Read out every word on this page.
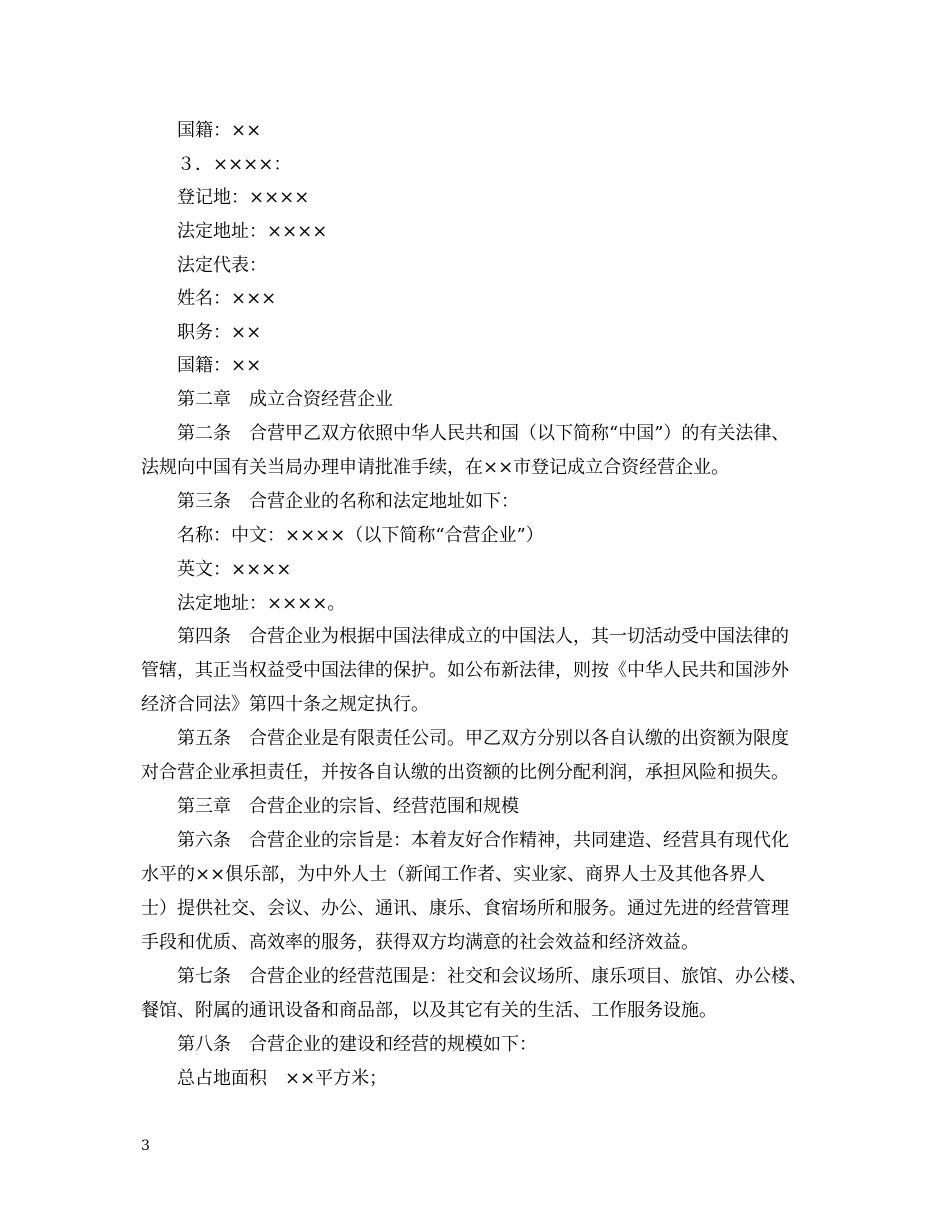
国籍：××
３．××××：
登记地：××××
法定地址：××××
法定代表：
姓名：×××
职务：××
国籍：××
第二章　成立合资经营企业
第二条　合营甲乙双方依照中华人民共和国（以下简称“中国”）的有关法律、
法规向中国有关当局办理申请批准手续，在××市登记成立合资经营企业。
第三条　合营企业的名称和法定地址如下：
名称：中文：××××（以下简称“合营企业”）
英文：××××
法定地址：××××。
第四条　合营企业为根据中国法律成立的中国法人，其一切活动受中国法律的
管辖，其正当权益受中国法律的保护。如公布新法律，则按《中华人民共和国涉外
经济合同法》第四十条之规定执行。
第五条　合营企业是有限责任公司。甲乙双方分别以各自认缴的出资额为限度
对合营企业承担责任，并按各自认缴的出资额的比例分配利润，承担风险和损失。
第三章　合营企业的宗旨、经营范围和规模
第六条　合营企业的宗旨是：本着友好合作精神，共同建造、经营具有现代化
水平的××俱乐部，为中外人士（新闻工作者、实业家、商界人士及其他各界人
士）提供社交、会议、办公、通讯、康乐、食宿场所和服务。通过先进的经营管理
手段和优质、高效率的服务，获得双方均满意的社会效益和经济效益。
第七条　合营企业的经营范围是：社交和会议场所、康乐项目、旅馆、办公楼、
餐馆、附属的通讯设备和商品部，以及其它有关的生活、工作服务设施。
第八条　合营企业的建设和经营的规模如下：
总占地面积　××平方米；
3
